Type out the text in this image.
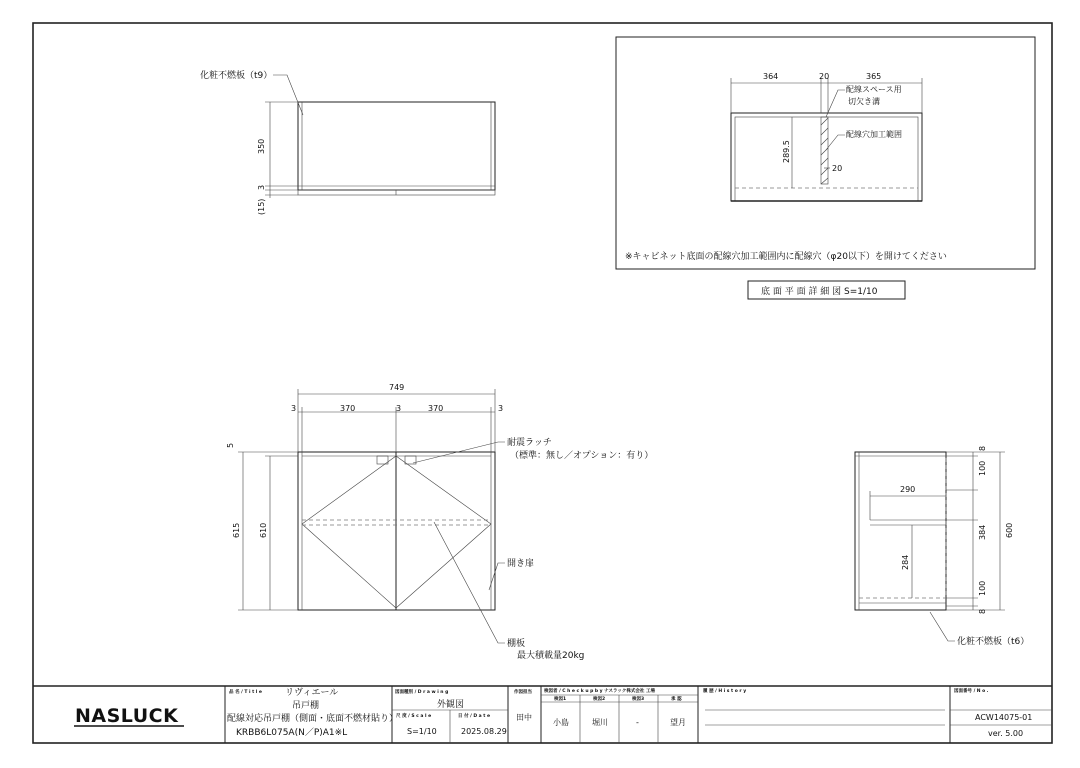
化粧不燃板（t9）
350
3
(15)
364	20	365
289.5
20
配線スペース用
切欠き溝
配線穴加工範囲
※キャビネット底面の配線穴加工範囲内に配線穴（φ20以下）を開けてください
底 面 平 面 詳 細 図 S=1/10
749
3	370	3	370	3
5
615 610
耐震ラッチ
（標準：無し／オプション：有り）
開き扉
棚板
最大積載量20kg
290
284
8
100
384 600
100
8
化粧不燃板（t6）
NASLUCK
品 名 / T i t l e	リヴィエール
吊戸棚
配線対応吊戸棚（側面・底面不燃材貼り）
KRBB6L075A(N／P)A1※L
図面種別 / D r a w i n g
外観図
尺 度 / S c a l e
S=1/10
日 付 / D a t e
2025.08.29
作図担当
田中
検図者 / C h e c k u p b y ナスラック株式会社 工場
検図1	検図2	検図3	承 認
小島	堀川	-	望月
履 歴 / H i s t o r y	図面番号 / N o .
ACW14075-01
ver. 5.00
